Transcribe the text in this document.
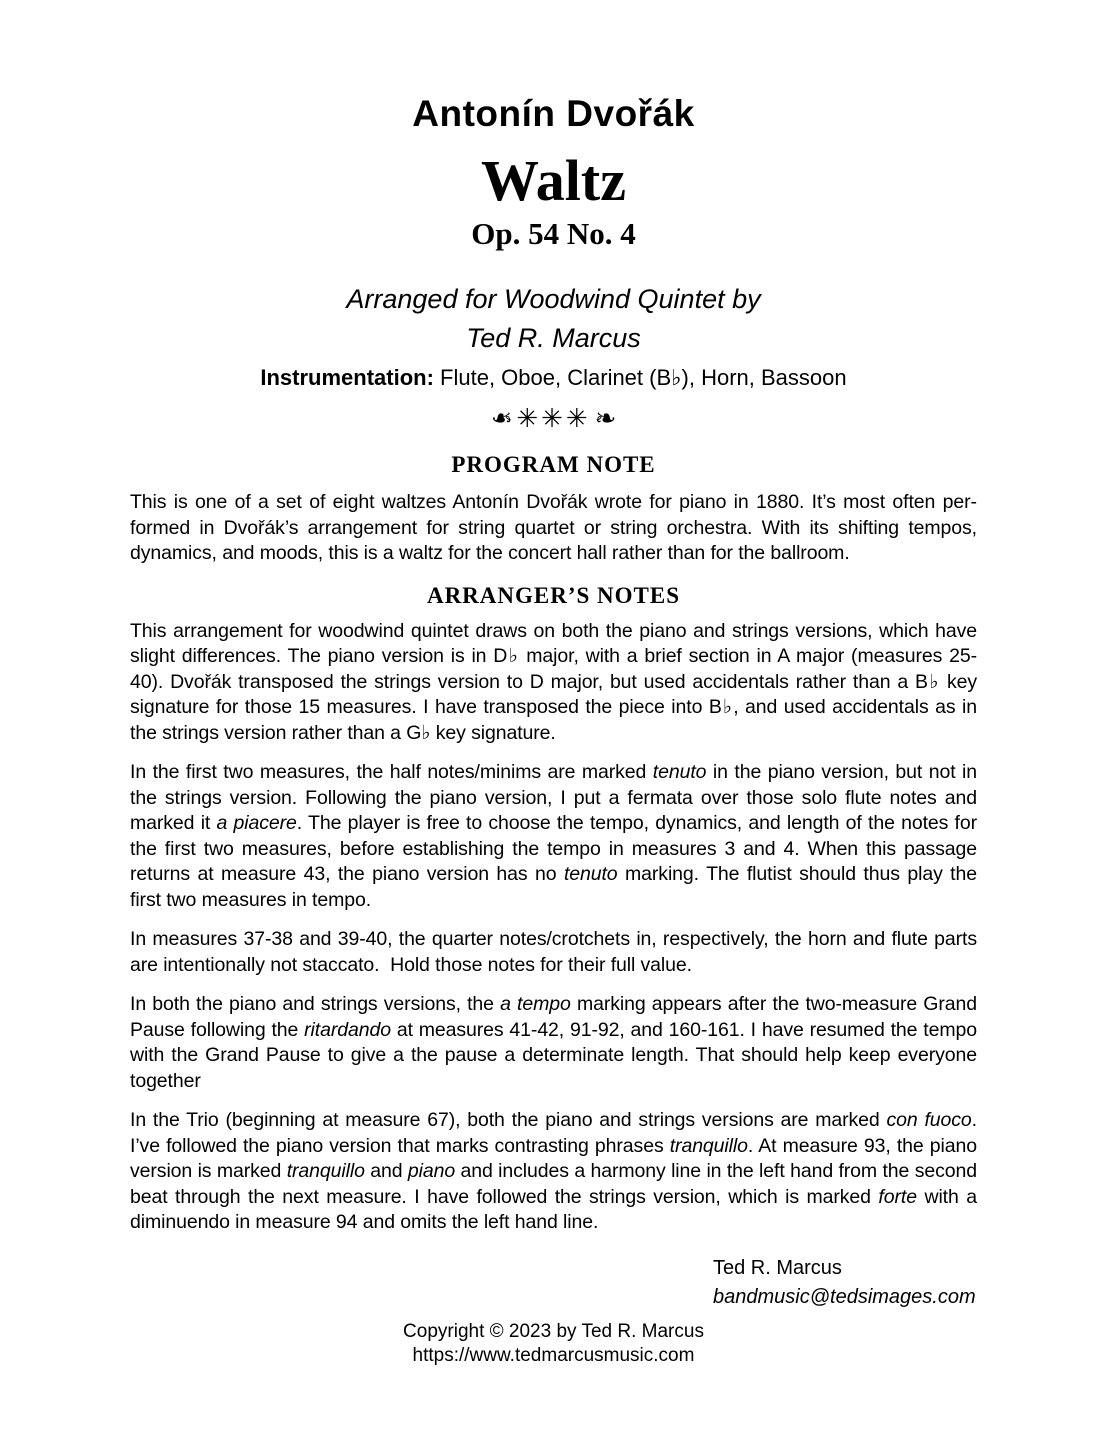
Antonín Dvořák
Waltz
Op. 54 No. 4
Arranged for Woodwind Quintet by
Ted R. Marcus
Instrumentation: Flute, Oboe, Clarinet (B♭), Horn, Bassoon
❧ ✳✳✳ ❧
PROGRAM NOTE

This is one of a set of eight waltzes Antonín Dvořák wrote for piano in 1880. It’s most often performed in Dvořák’s arrangement for string quartet or string orchestra. With its shifting tempos, dynamics, and moods, this is a waltz for the concert hall rather than for the ballroom.

ARRANGER’S NOTES

This arrangement for woodwind quintet draws on both the piano and strings versions, which have slight differences. The piano version is in D♭ major, with a brief section in A major (measures 25-40). Dvořák transposed the strings version to D major, but used accidentals rather than a B♭ key signature for those 15 measures. I have transposed the piece into B♭, and used accidentals as in the strings version rather than a G♭ key signature.

In the first two measures, the half notes/minims are marked tenuto in the piano version, but not in the strings version. Following the piano version, I put a fermata over those solo flute notes and marked it a piacere. The player is free to choose the tempo, dynamics, and length of the notes for the first two measures, before establishing the tempo in measures 3 and 4. When this passage returns at measure 43, the piano version has no tenuto marking. The flutist should thus play the first two measures in tempo.

In measures 37-38 and 39-40, the quarter notes/crotchets in, respectively, the horn and flute parts are intentionally not staccato.  Hold those notes for their full value.

In both the piano and strings versions, the a tempo marking appears after the two-measure Grand Pause following the ritardando at measures 41-42, 91-92, and 160-161. I have resumed the tempo with the Grand Pause to give a the pause a determinate length. That should help keep everyone together

In the Trio (beginning at measure 67), both the piano and strings versions are marked con fuoco. I’ve followed the piano version that marks contrasting phrases tranquillo. At measure 93, the piano version is marked tranquillo and piano and includes a harmony line in the left hand from the second beat through the next measure. I have followed the strings version, which is marked forte with a diminuendo in measure 94 and omits the left hand line.

Ted R. Marcus
bandmusic@tedsimages.com
Copyright © 2023 by Ted R. Marcus
https://www.tedmarcusmusic.com
